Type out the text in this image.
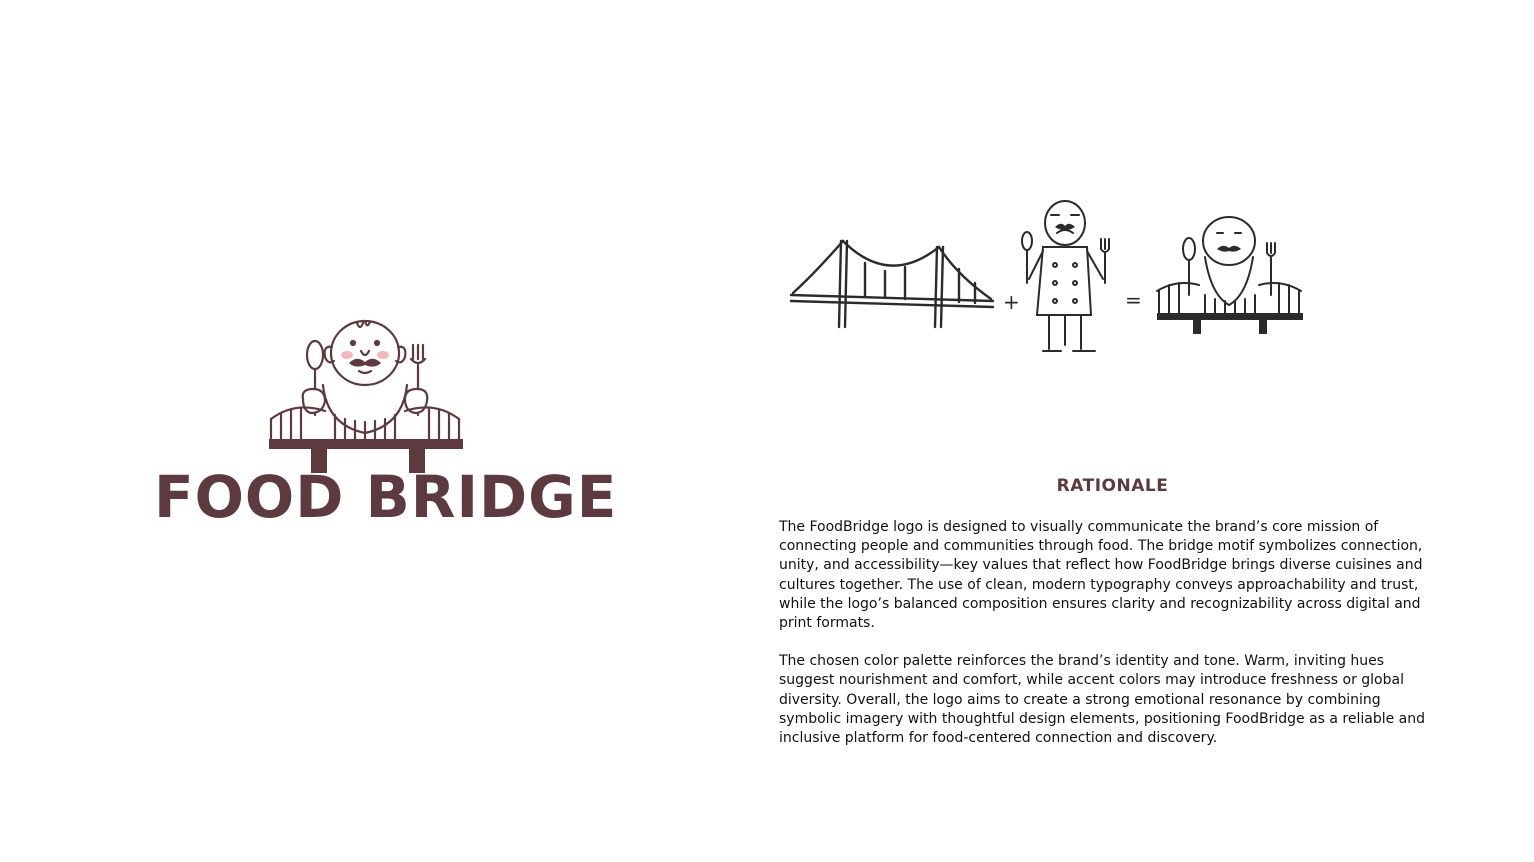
FOOD BRIDGE
+	=
RATIONALE

The FoodBridge logo is designed to visually communicate the brand’s core mission of connecting people and communities through food. The bridge motif symbolizes connection, unity, and accessibility—key values that reflect how FoodBridge brings diverse cuisines and cultures together. The use of clean, modern typography conveys approachability and trust, while the logo’s balanced composition ensures clarity and recognizability across digital and print formats.

The chosen color palette reinforces the brand’s identity and tone. Warm, inviting hues suggest nourishment and comfort, while accent colors may introduce freshness or global diversity. Overall, the logo aims to create a strong emotional resonance by combining symbolic imagery with thoughtful design elements, positioning FoodBridge as a reliable and inclusive platform for food-centered connection and discovery.
